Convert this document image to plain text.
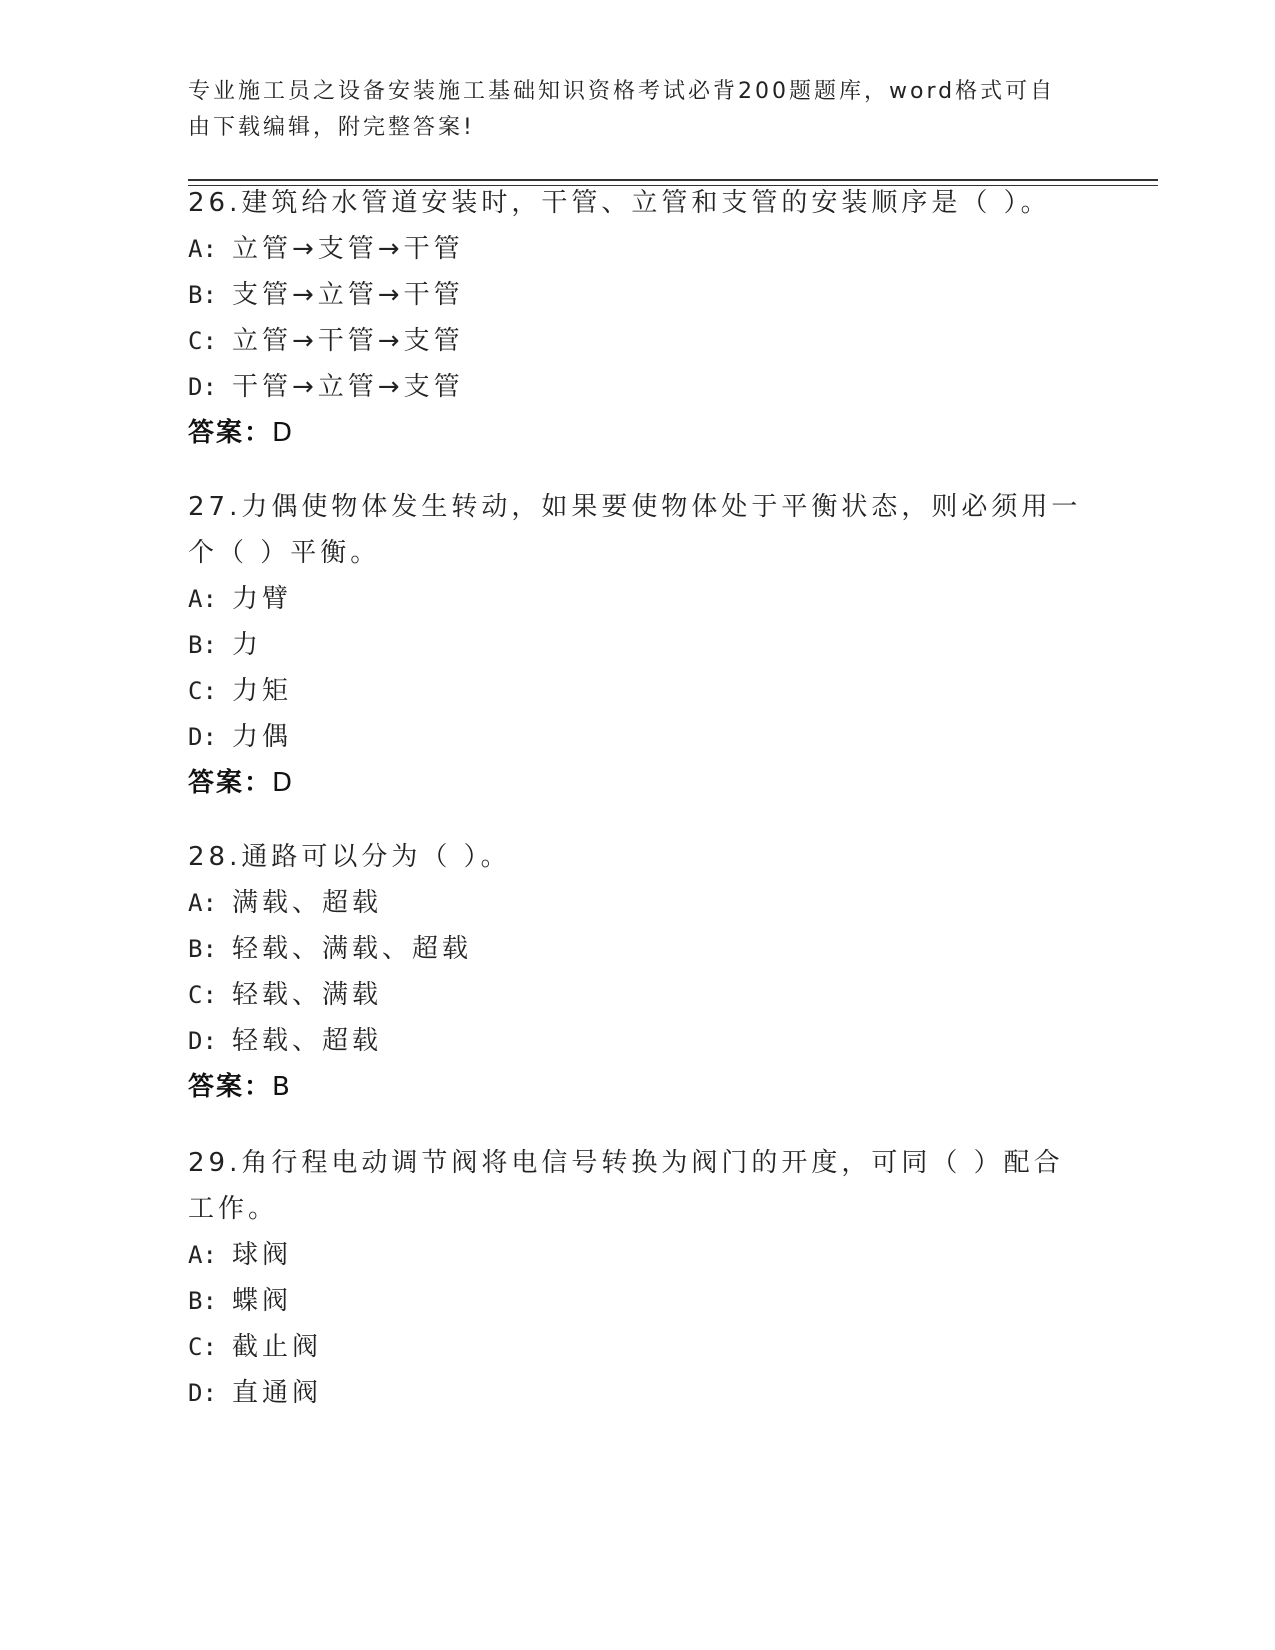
专业施工员之设备安装施工基础知识资格考试必背200题题库，word格式可自由下载编辑，附完整答案!
26.建筑给水管道安装时，干管、立管和支管的安装顺序是（ ）。
A: 立管→支管→干管
B: 支管→立管→干管
C: 立管→干管→支管
D: 干管→立管→支管
答案：D
27.力偶使物体发生转动，如果要使物体处于平衡状态，则必须用一个（ ）平衡。
A: 力臂
B: 力
C: 力矩
D: 力偶
答案：D
28.通路可以分为（ ）。
A: 满载、超载
B: 轻载、满载、超载
C: 轻载、满载
D: 轻载、超载
答案：B
29.角行程电动调节阀将电信号转换为阀门的开度，可同（ ）配合工作。
A: 球阀
B: 蝶阀
C: 截止阀
D: 直通阀
